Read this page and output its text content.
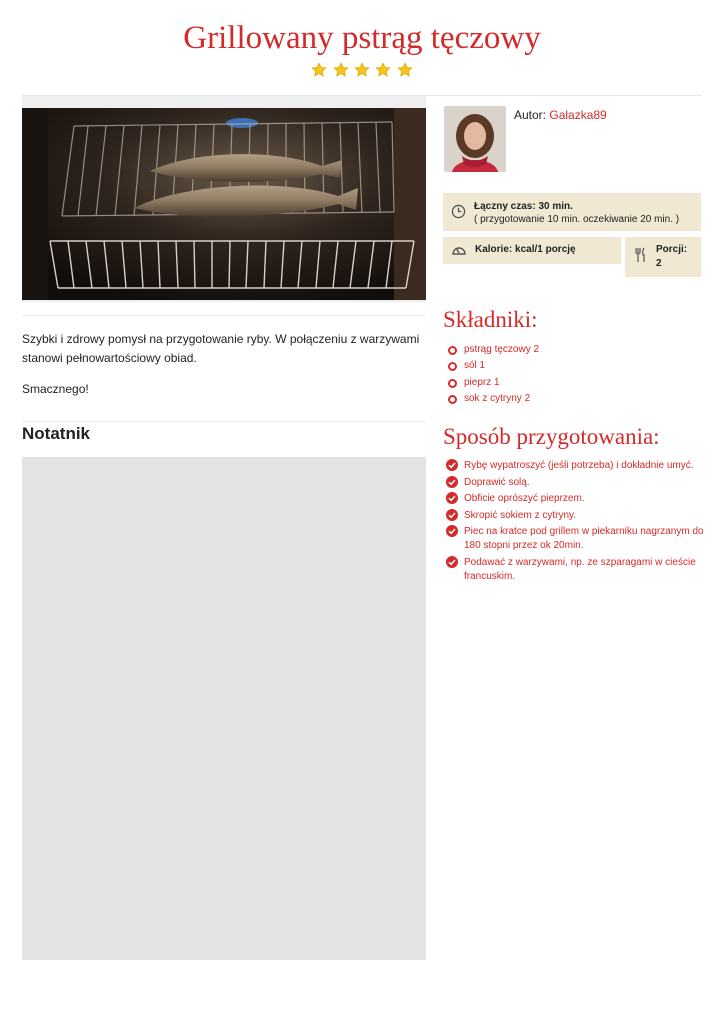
Grillowany pstrąg tęczowy

Szybki i zdrowy pomysł na przygotowanie ryby. W połączeniu z warzywami stanowi pełnowartościowy obiad.

Smacznego!

Notatnik
Autor: Galazka89
Łączny czas: 30 min.
( przygotowanie 10 min. oczekiwanie 20 min. )
Kalorie: kcal/1 porcję	Porcji:
2
Składniki:
pstrąg tęczowy 2
sól 1
pieprz 1
sok z cytryny 2
Sposób przygotowania:
Rybę wypatroszyć (jeśli potrzeba) i dokładnie umyć.
Doprawić solą.
Obficie oprószyć pieprzem.
Skropić sokiem z cytryny.
Piec na kratce pod grillem w piekarniku nagrzanym do 180 stopni przez ok 20min.
Podawać z warzywami, np. ze szparagami w cieście francuskim.
